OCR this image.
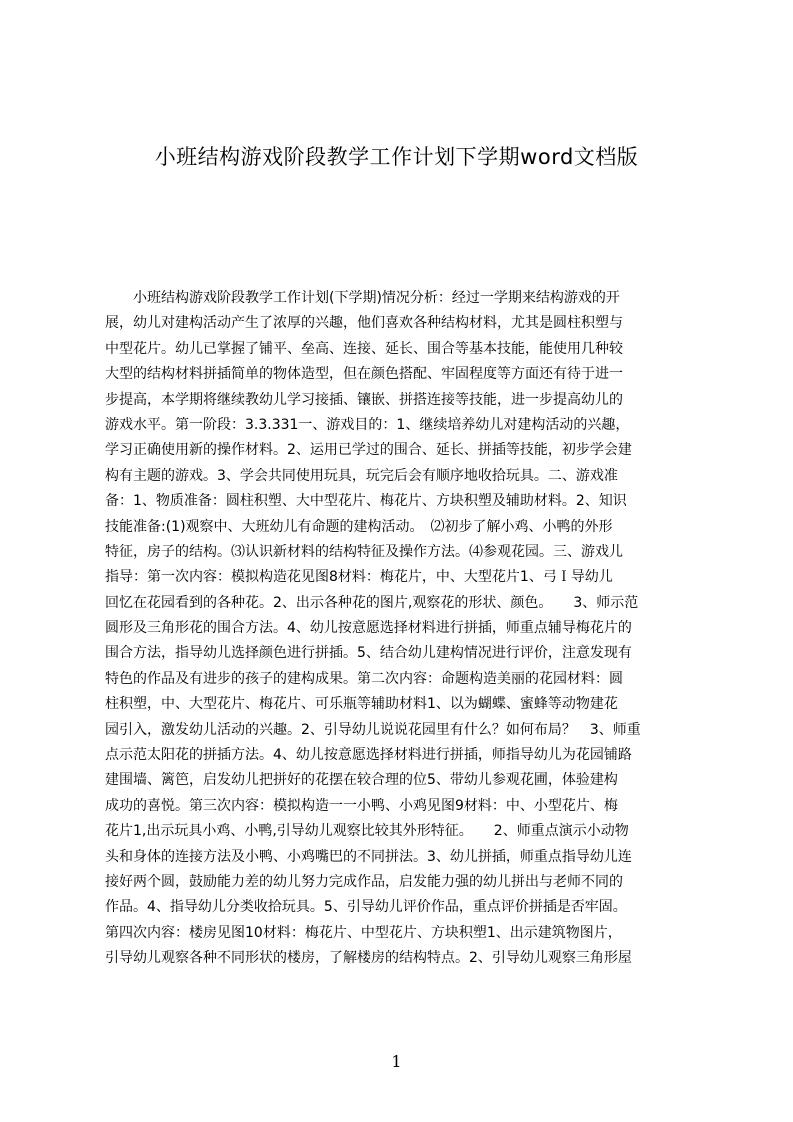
小班结构游戏阶段教学工作计划下学期word文档版
　　小班结构游戏阶段教学工作计划(下学期)情况分析：经过一学期来结构游戏的开
展，幼儿对建构活动产生了浓厚的兴趣，他们喜欢各种结构材料，尤其是圆柱积塑与
中型花片。幼儿已掌握了铺平、垒高、连接、延长、围合等基本技能，能使用几种较
大型的结构材料拼插简单的物体造型，但在颜色搭配、牢固程度等方面还有待于进一
步提高，本学期将继续教幼儿学习接插、镶嵌、拼搭连接等技能，进一步提高幼儿的
游戏水平。第一阶段：3.3.331一、游戏目的：1、继续培养幼儿对建构活动的兴趣，
学习正确使用新的操作材料。2、运用已学过的围合、延长、拼插等技能，初步学会建
构有主题的游戏。3、学会共同使用玩具，玩完后会有顺序地收拾玩具。二、游戏准
备：1、物质准备：圆柱积塑、大中型花片、梅花片、方块积塑及辅助材料。2、知识
技能准备:(1)观察中、大班幼儿有命题的建构活动。　⑵初步了解小鸡、小鸭的外形
特征，房子的结构。⑶认识新材料的结构特征及操作方法。⑷参观花园。三、游戏儿
指导：第一次内容：模拟构造花见图8材料：梅花片，中、大型花片1、弓Ｉ导幼儿
回忆在花园看到的各种花。2、出示各种花的图片,观察花的形状、颜色。　　3、师示范
圆形及三角形花的围合方法。4、幼儿按意愿选择材料进行拼插，师重点辅导梅花片的
围合方法，指导幼儿选择颜色进行拼插。5、结合幼儿建构情况进行评价，注意发现有
特色的作品及有进步的孩子的建构成果。第二次内容：命题构造美丽的花园材料：圆
柱积塑，中、大型花片、梅花片、可乐瓶等辅助材料1、以为蝴蝶、蜜蜂等动物建花
园引入，激发幼儿活动的兴趣。2、引导幼儿说说花园里有什么？如何布局？　3、师重
点示范太阳花的拼插方法。4、幼儿按意愿选择材料进行拼插，师指导幼儿为花园铺路
建围墙、篱笆，启发幼儿把拼好的花摆在较合理的位5、带幼儿参观花圃，体验建构
成功的喜悦。第三次内容：模拟构造一一小鸭、小鸡见图9材料：中、小型花片、梅
花片1,出示玩具小鸡、小鸭,引导幼儿观察比较其外形特征。　　2、师重点演示小动物
头和身体的连接方法及小鸭、小鸡嘴巴的不同拼法。3、幼儿拼插，师重点指导幼儿连
接好两个圆，鼓励能力差的幼儿努力完成作品，启发能力强的幼儿拼出与老师不同的
作品。4、指导幼儿分类收拾玩具。5、引导幼儿评价作品，重点评价拼插是否牢固。
第四次内容：楼房见图10材料：梅花片、中型花片、方块积塑1、出示建筑物图片，
引导幼儿观察各种不同形状的楼房，了解楼房的结构特点。2、引导幼儿观察三角形屋
1
